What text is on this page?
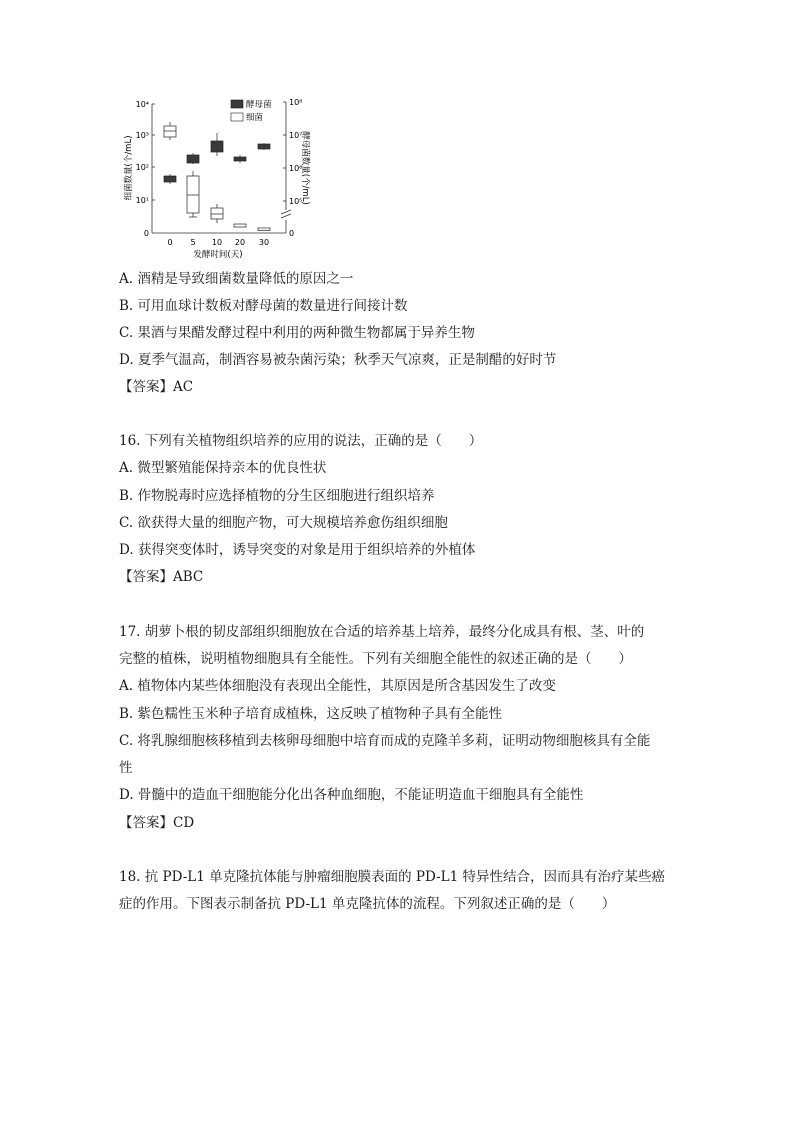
10⁴
10³
10²
10¹
0
10⁸
10⁷
10⁶
10⁵
0
细菌数量(个/mL)	酵母菌数量(个/mL)
0 5 10 20 30
发酵时间(天)
酵母菌
细菌
A. 酒精是导致细菌数量降低的原因之一
B. 可用血球计数板对酵母菌的数量进行间接计数
C. 果酒与果醋发酵过程中利用的两种微生物都属于异养生物
D. 夏季气温高，制酒容易被杂菌污染；秋季天气凉爽，正是制醋的好时节
【答案】AC
16. 下列有关植物组织培养的应用的说法，正确的是（　　）
A. 微型繁殖能保持亲本的优良性状
B. 作物脱毒时应选择植物的分生区细胞进行组织培养
C. 欲获得大量的细胞产物，可大规模培养愈伤组织细胞
D. 获得突变体时，诱导突变的对象是用于组织培养的外植体
【答案】ABC
17. 胡萝卜根的韧皮部组织细胞放在合适的培养基上培养，最终分化成具有根、茎、叶的
完整的植株，说明植物细胞具有全能性。下列有关细胞全能性的叙述正确的是（　　）
A. 植物体内某些体细胞没有表现出全能性，其原因是所含基因发生了改变
B. 紫色糯性玉米种子培育成植株，这反映了植物种子具有全能性
C. 将乳腺细胞核移植到去核卵母细胞中培育而成的克隆羊多莉，证明动物细胞核具有全能
性
D. 骨髓中的造血干细胞能分化出各种血细胞，不能证明造血干细胞具有全能性
【答案】CD
18. 抗 PD-L1 单克隆抗体能与肿瘤细胞膜表面的 PD-L1 特异性结合，因而具有治疗某些癌
症的作用。下图表示制备抗 PD-L1 单克隆抗体的流程。下列叙述正确的是（　　）
